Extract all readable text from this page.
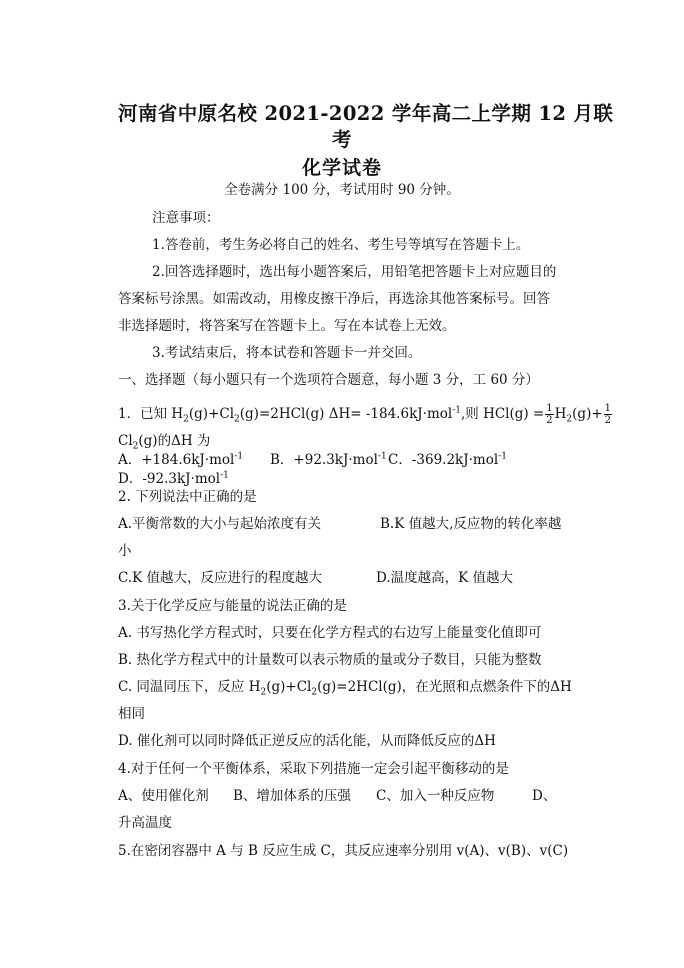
河南省中原名校 2021-2022 学年高二上学期 12 月联
考
化学试卷
全卷满分 100 分，考试用时 90 分钟。
注意事项：
1.答卷前，考生务必将自己的姓名、考生号等填写在答题卡上。
2.回答选择题时，选出每小题答案后，用铅笔把答题卡上对应题目的
答案标号涂黑。如需改动，用橡皮擦干净后，再选涂其他答案标号。回答
非选择题时，将答案写在答题卡上。写在本试卷上无效。
3.考试结束后，将本试卷和答题卡一并交回。
一、选择题（每小题只有一个选项符合题意，每小题 3 分，工 60 分）
1．已知 $H_2(g)+Cl_2(g)=2HCl(g)$ ΔH= -184.6kJ·mol$^{-1}$,则 $HCl(g) = \frac{1}{2} H_2(g)+ \frac{1}{2}$
$Cl_2(g)$的ΔH 为
A．+184.6kJ·mol$^{-1}$ B．+92.3kJ·mol$^{-1}$ C．-369.2kJ·mol$^{-1}$
D．-92.3kJ·mol$^{-1}$
2. 下列说法中正确的是
A.平衡常数的大小与起始浓度有关	B.K 值越大,反应物的转化率越
小
C.K 值越大，反应进行的程度越大	D.温度越高，K 值越大
3.关于化学反应与能量的说法正确的是
A. 书写热化学方程式时，只要在化学方程式的右边写上能量变化值即可
B. 热化学方程式中的计量数可以表示物质的量或分子数目，只能为整数
C. 同温同压下，反应 $H_2(g)+Cl_2(g)=2HCl(g)$，在光照和点燃条件下的ΔH
相同
D. 催化剂可以同时降低正逆反应的活化能，从而降低反应的ΔH
4.对于任何一个平衡体系，采取下列措施一定会引起平衡移动的是
A、使用催化剂 B、增加体系的压强 C、加入一种反应物	D、
升高温度
5.在密闭容器中 A 与 B 反应生成 C，其反应速率分别用 v(A)、v(B)、v(C)
